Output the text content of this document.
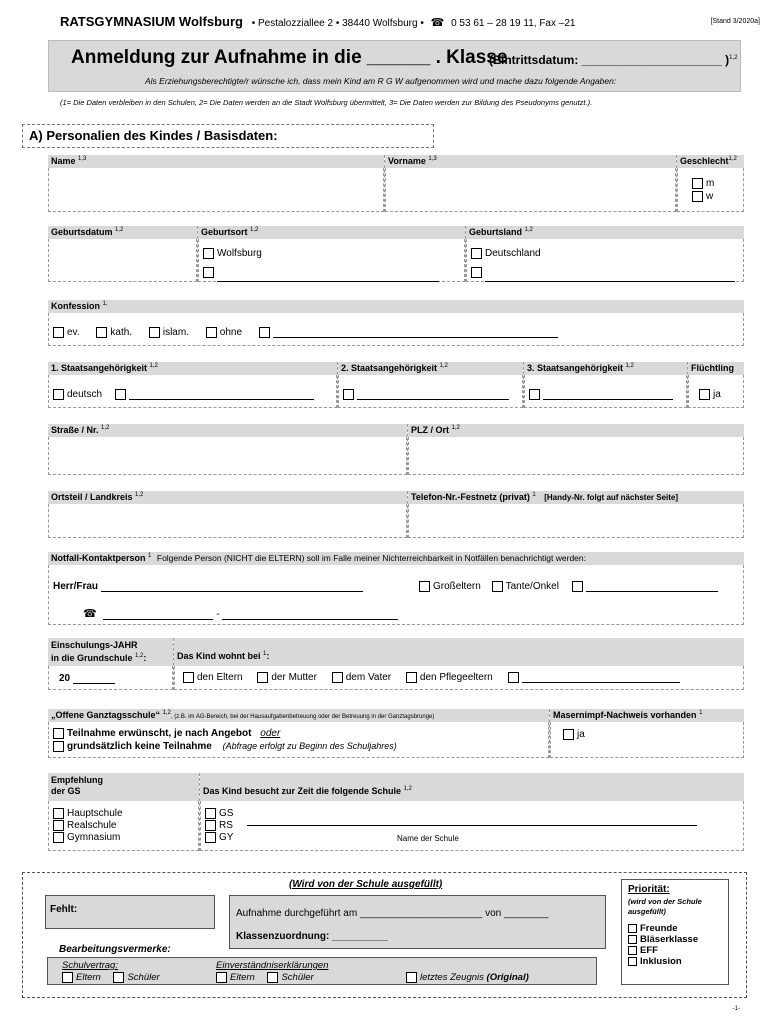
RATSGYMNASIUM Wolfsburg • Pestalozziallee 2 • 38440 Wolfsburg • ☎ 0 53 61 – 28 19 11, Fax –21	[Stand 3/2020a]
Anmeldung zur Aufnahme in die ______ . Klasse
(Eintrittsdatum: _____________________ )$^{1,2}$
Als Erziehungsberechtigte/r wünsche ich, dass mein Kind am R G W aufgenommen wird und mache dazu folgende Angaben:
(1= Die Daten verbleiben in den Schulen, 2= Die Daten werden an die Stadt Wolfsburg übermittelt, 3= Die Daten werden zur Bildung des Pseudonyms genutzt.).
A) Personalien des Kindes / Basisdaten:
Name $^{1,3}$	Vorname $^{1,3}$	Geschlecht$^{1,2}$
m
w
Geburtsdatum $^{1,2}$	Geburtsort $^{1,2}$
Wolfsburg
Geburtsland $^{1,2}$
Deutschland
Konfession $^{1,}$
ev.	kath.	islam.	ohne
1. Staatsangehörigkeit $^{1,2}$
deutsch
2. Staatsangehörigkeit $^{1,2}$	3. Staatsangehörigkeit $^{1,2}$	Flüchtling
ja
Straße / Nr. $^{1,2}$	PLZ / Ort $^{1,2}$
Ortsteil / Landkreis $^{1,2}$	Telefon-Nr.-Festnetz (privat) $^1$ [Handy-Nr. folgt auf nächster Seite]
Notfall-Kontaktperson $^1$ Folgende Person (NICHT die ELTERN) soll im Falle meiner Nichterreichbarkeit in Notfällen benachrichtigt werden:
Herr/Frau	Großeltern Tante/Onkel
☎	-
Einschulungs-JAHR
in die Grundschule $^{1,2}$:
20
Das Kind wohnt bei $^1$:
den Eltern	der Mutter	dem Vater	den Pflegeeltern
„Offene Ganztagsschule“ $^{1,2}$, (z.B. im AG-Bereich, bei der Hausaufgabenbetreuung oder der Betreuung in der Ganztagsbrunge)
Teilnahme erwünscht, je nach Angebot oder
grundsätzlich keine Teilnahme (Abfrage erfolgt zu Beginn des Schuljahres)
Masernimpf-Nachweis vorhanden $^1$
ja
Empfehlung
der GS
Hauptschule
Realschule
Gymnasium
Das Kind besucht zur Zeit die folgende Schule $^{1,2}$
GS
RS
GY	Name der Schule
(Wird von der Schule ausgefüllt)
Fehlt:	Aufnahme durchgeführt am ______________________ von ________
Klassenzuordnung: __________
Bearbeitungsvermerke:
Schulvertrag:
Eltern	Schüler
Einverständniserklärungen
Eltern	Schüler	letztes Zeugnis (Original)
Priorität:
(wird von der Schule ausgefüllt)
Freunde
Bläserklasse
EFF
Inklusion
-1-
